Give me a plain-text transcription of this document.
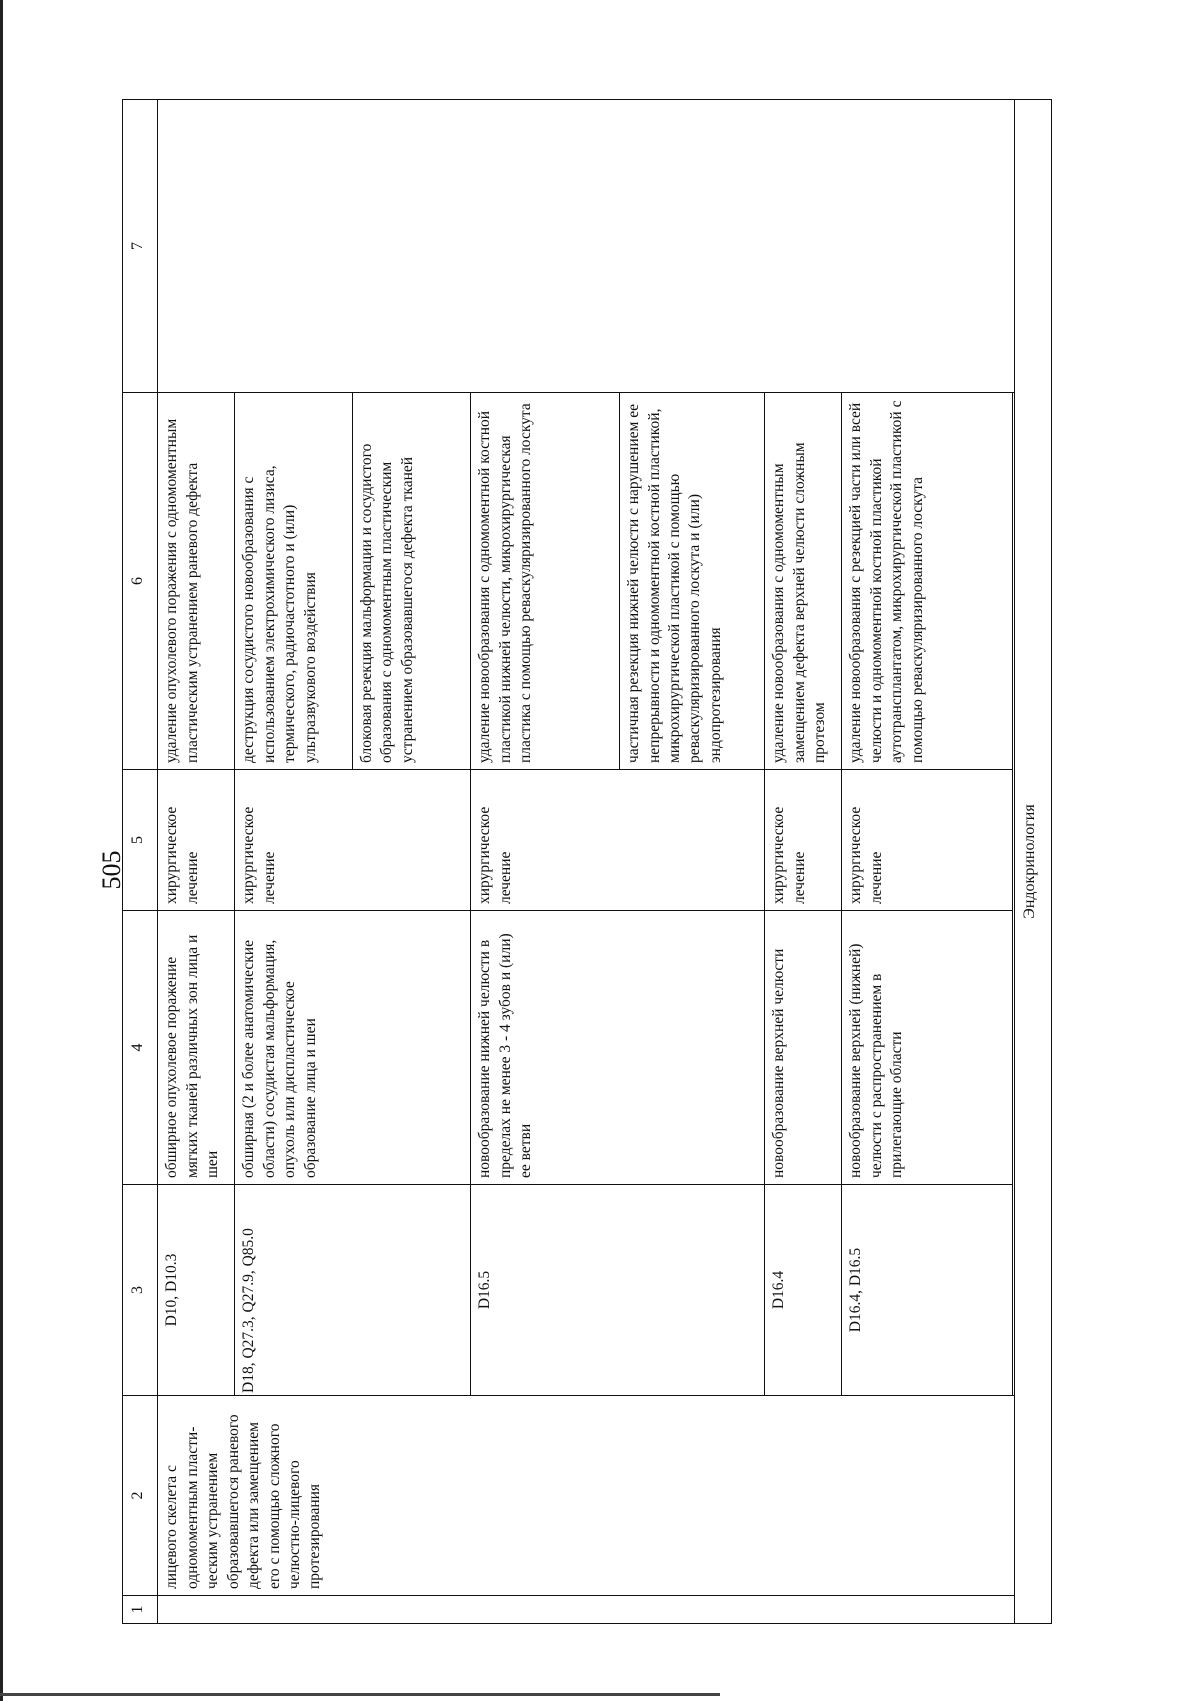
505
1	2	3	4	5	6	7
	лицевого скелета с одномоментным пласти-ческим устранением образовавшегося раневого дефекта или замещением его с помощью сложного челюстно-лицевого протезирования	D10, D10.3	обширное опухолевое поражение мягких тканей различных зон лица и шеи	хирургическое лечение	удаление опухолевого поражения с одномоментным пластическим устранением раневого дефекта	
		D18, Q27.3, Q27.9, Q85.0	обширная (2 и более анатомические области) сосудистая мальформация, опухоль или диспластическое образование лица и шеи	хирургическое лечение	деструкция сосудистого новообразования с использованием электрохимического лизиса, термического, радиочастотного и (или) ультразвукового воздействия	
					блоковая резекция мальформации и сосудистого образования с одномоментным пластическим устранением образовавшегося дефекта тканей	
		D16.5	новообразование нижней челюсти в пределах не менее 3 - 4 зубов и (или) ее ветви	хирургическое лечение	удаление новообразования с одномоментной костной пластикой нижней челюсти, микрохирургическая пластика с помощью реваскуляризированного лоскута	
					частичная резекция нижней челюсти с нарушением ее непрерывности и одномоментной костной пластикой, микрохирургической пластикой с помощью реваскуляризированного лоскута и (или) эндопротезирования	
		D16.4	новообразование верхней челюсти	хирургическое лечение	удаление новообразования с одномоментным замещением дефекта верхней челюсти сложным протезом	
		D16.4, D16.5	новообразование верхней (нижней) челюсти с распространением в прилегающие области	хирургическое лечение	удаление новообразования с резекцией части или всей челюсти и одномоментной костной пластикой аутотрансплантатом, микрохирургической пластикой с помощью реваскуляризированного лоскута	

Эндокринология						
